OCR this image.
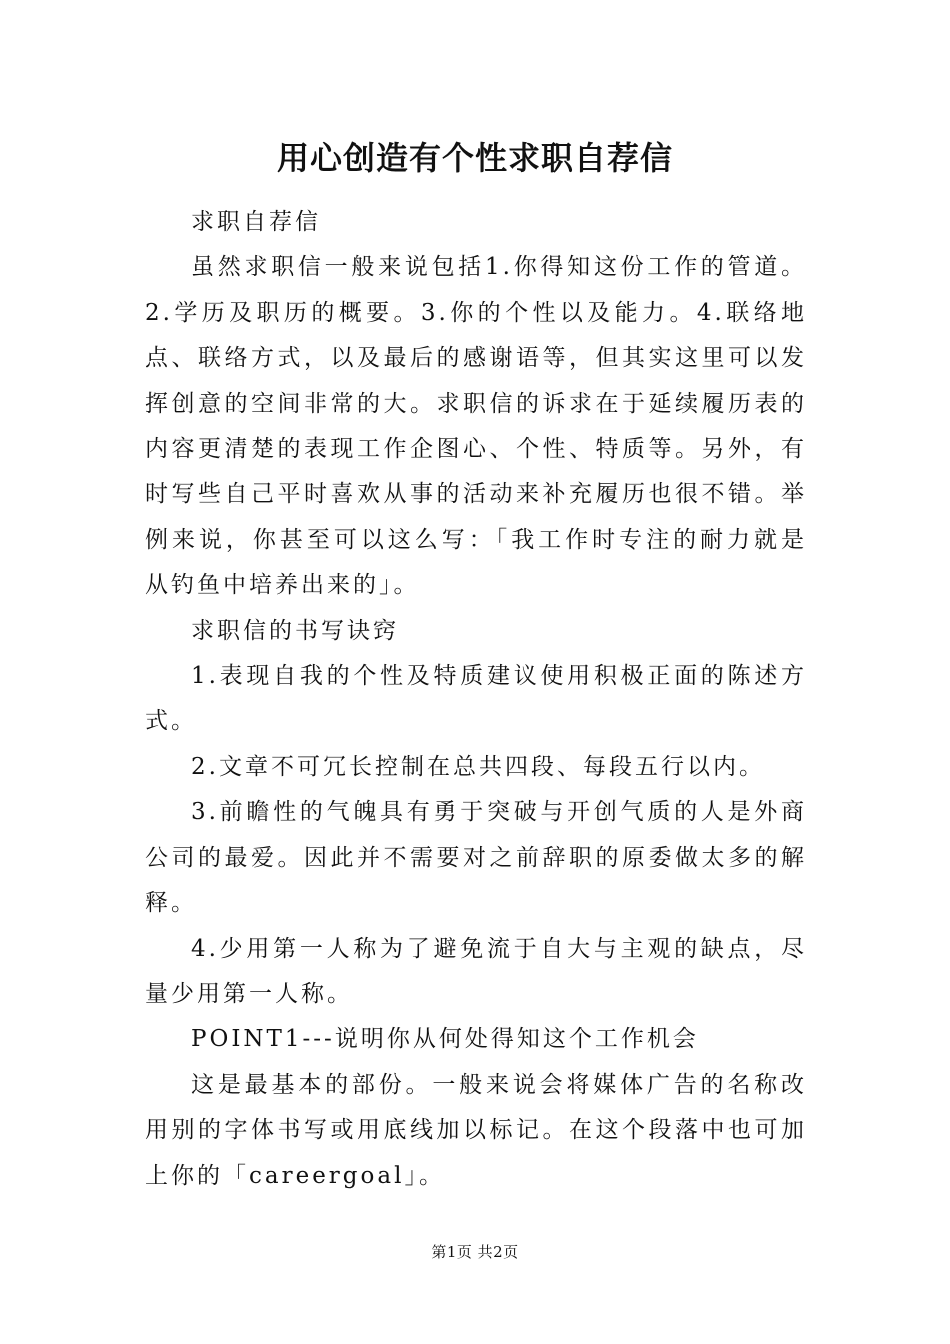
用心创造有个性求职自荐信

求职自荐信

虽然求职信一般来说包括1.你得知这份工作的管道。2.学历及职历的概要。3.你的个性以及能力。4.联络地点、联络方式，以及最后的感谢语等，但其实这里可以发挥创意的空间非常的大。求职信的诉求在于延续履历表的内容更清楚的表现工作企图心、个性、特质等。另外，有时写些自己平时喜欢从事的活动来补充履历也很不错。举例来说，你甚至可以这么写：「我工作时专注的耐力就是从钓鱼中培养出来的」。

求职信的书写诀窍

1.表现自我的个性及特质建议使用积极正面的陈述方式。

2.文章不可冗长控制在总共四段、每段五行以内。

3.前瞻性的气魄具有勇于突破与开创气质的人是外商公司的最爱。因此并不需要对之前辞职的原委做太多的解释。

4.少用第一人称为了避免流于自大与主观的缺点，尽量少用第一人称。

POINT1---说明你从何处得知这个工作机会

这是最基本的部份。一般来说会将媒体广告的名称改用别的字体书写或用底线加以标记。在这个段落中也可加上你的「careergoal」。

第1页 共2页
